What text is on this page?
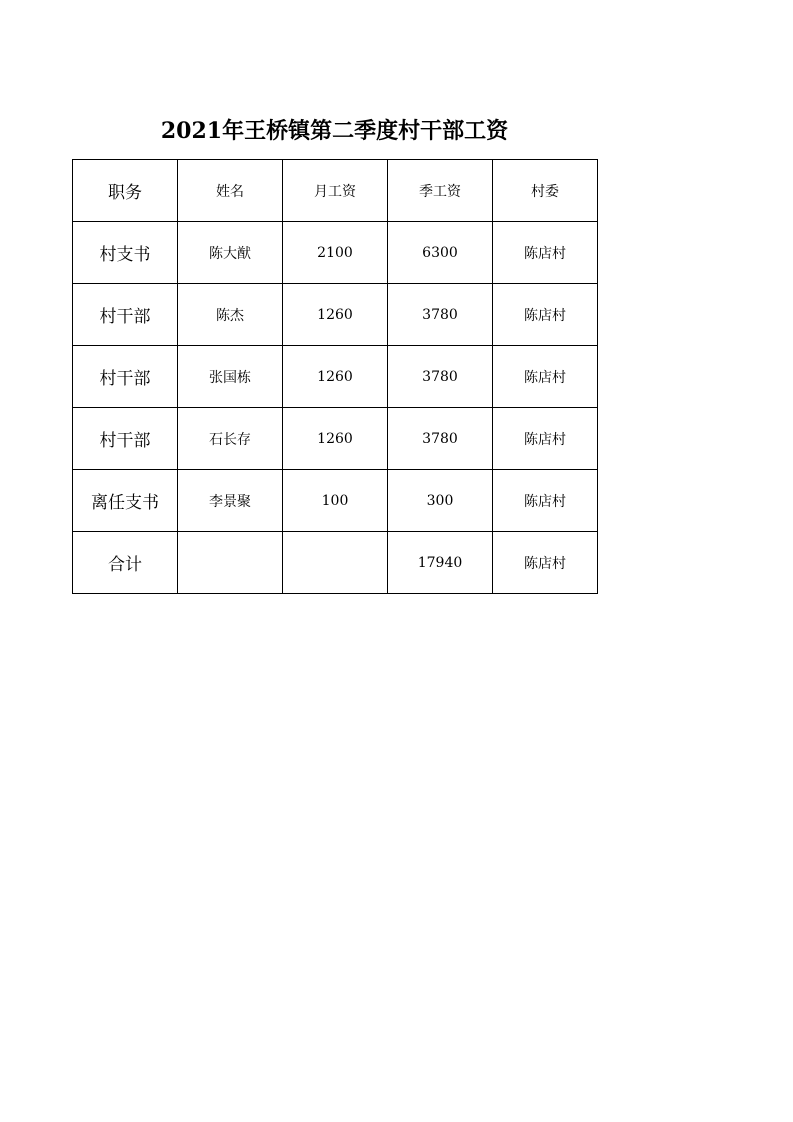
2021年王桥镇第二季度村干部工资
职务	姓名	月工资	季工资	村委
村支书	陈大猷	2100	6300	陈店村
村干部	陈杰	1260	3780	陈店村
村干部	张国栋	1260	3780	陈店村
村干部	石长存	1260	3780	陈店村
离任支书	李景聚	100	300	陈店村
合计			17940	陈店村
